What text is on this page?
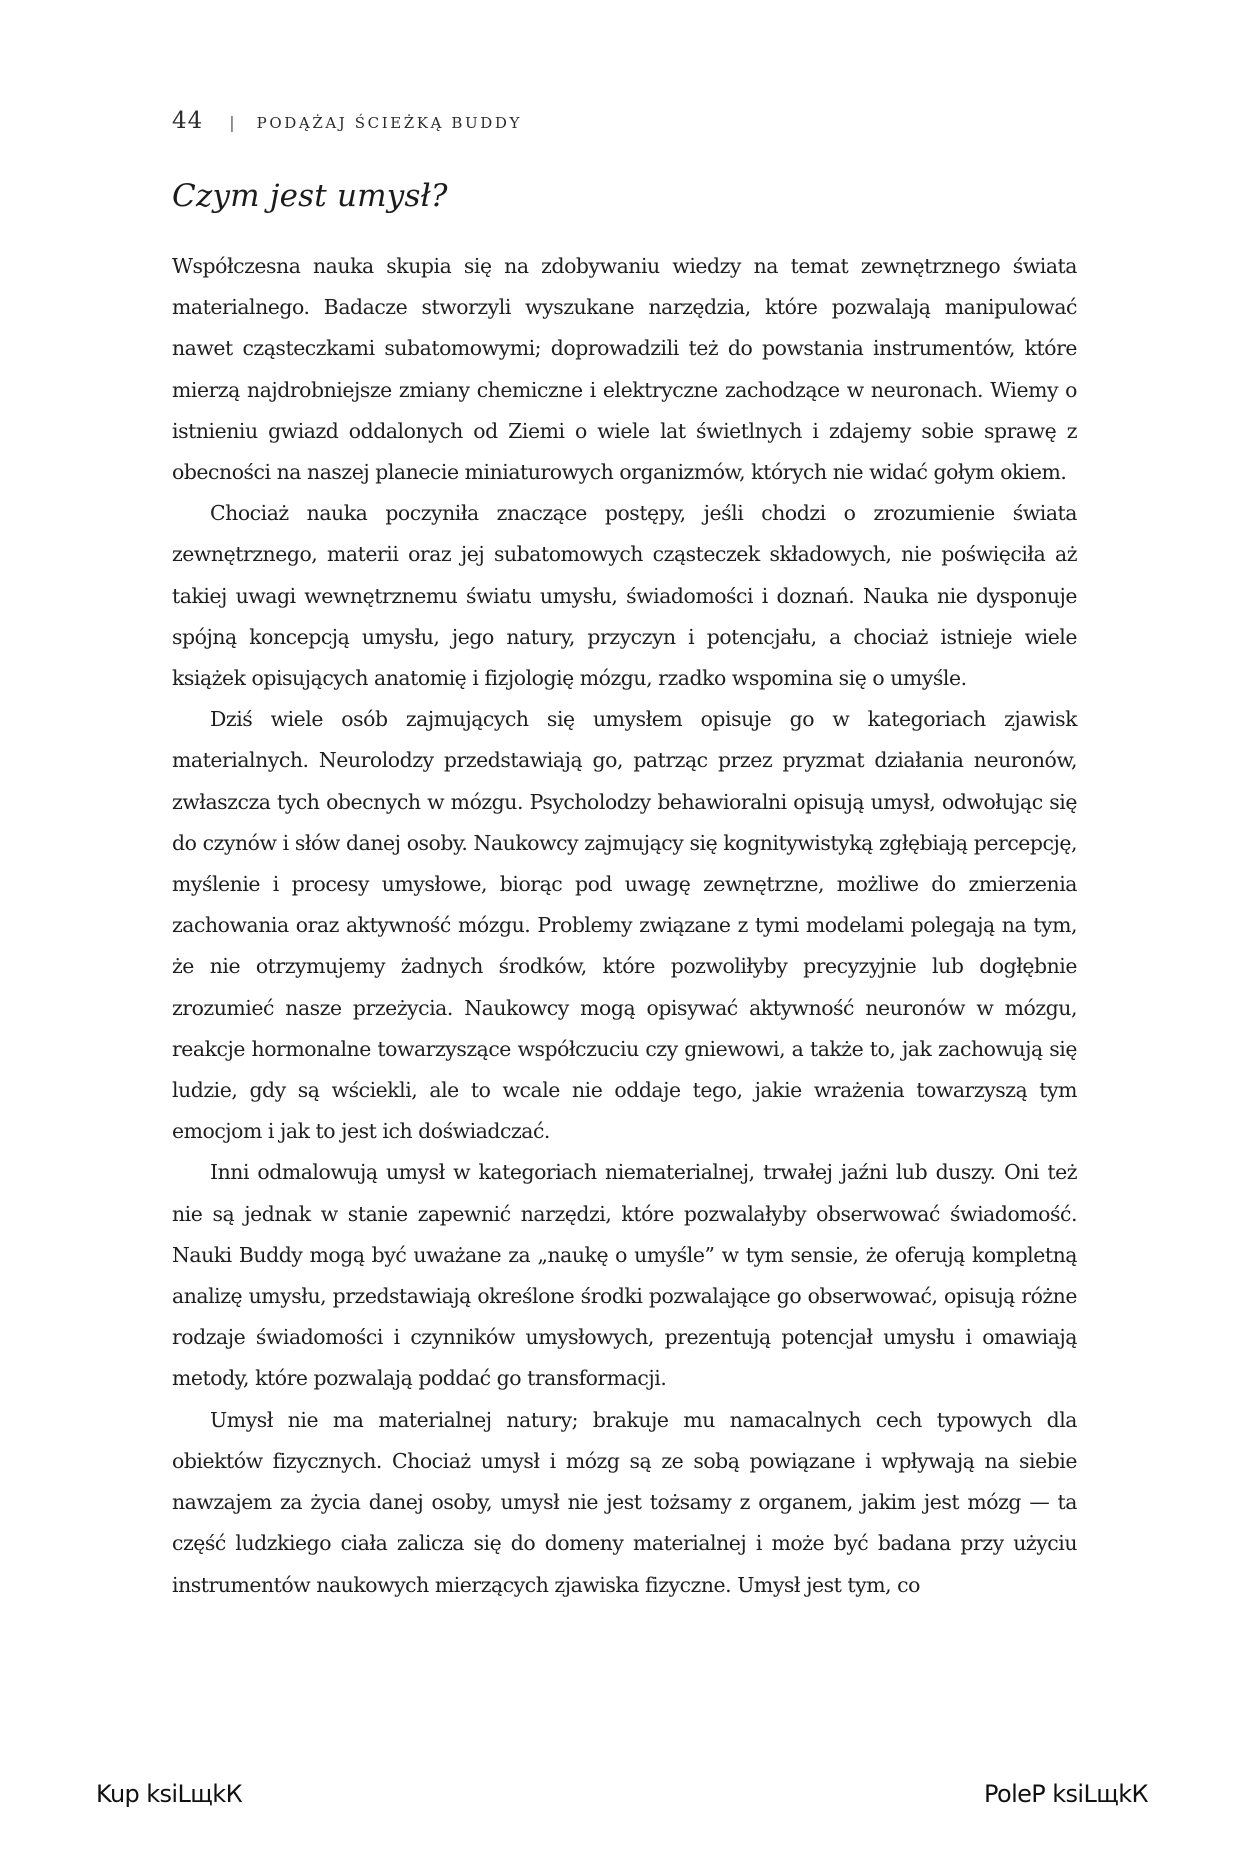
44 | PODĄŻAJ ŚCIEŻKĄ BUDDY
Czym jest umysł?

Współczesna nauka skupia się na zdobywaniu wiedzy na temat zewnętrznego świata materialnego. Badacze stworzyli wyszukane narzędzia, które pozwalają manipulować nawet cząsteczkami subatomowymi; doprowadzili też do powstania instrumentów, które mierzą najdrobniejsze zmiany chemiczne i elektryczne zachodzące w neuronach. Wiemy o istnieniu gwiazd oddalonych od Ziemi o wiele lat świetlnych i zdajemy sobie sprawę z obecności na naszej planecie miniaturowych organizmów, których nie widać gołym okiem.

Chociaż nauka poczyniła znaczące postępy, jeśli chodzi o zrozumienie świata zewnętrznego, materii oraz jej subatomowych cząsteczek składowych, nie poświęciła aż takiej uwagi wewnętrznemu światu umysłu, świadomości i doznań. Nauka nie dysponuje spójną koncepcją umysłu, jego natury, przyczyn i potencjału, a chociaż istnieje wiele książek opisujących anatomię i fizjologię mózgu, rzadko wspomina się o umyśle.

Dziś wiele osób zajmujących się umysłem opisuje go w kategoriach zjawisk materialnych. Neurolodzy przedstawiają go, patrząc przez pryzmat działania neuronów, zwłaszcza tych obecnych w mózgu. Psycholodzy behawioralni opisują umysł, odwołując się do czynów i słów danej osoby. Naukowcy zajmujący się kognitywistyką zgłębiają percepcję, myślenie i procesy umysłowe, biorąc pod uwagę zewnętrzne, możliwe do zmierzenia zachowania oraz aktywność mózgu. Problemy związane z tymi modelami polegają na tym, że nie otrzymujemy żadnych środków, które pozwoliłyby precyzyjnie lub dogłębnie zrozumieć nasze przeżycia. Naukowcy mogą opisywać aktywność neuronów w mózgu, reakcje hormonalne towarzyszące współczuciu czy gniewowi, a także to, jak zachowują się ludzie, gdy są wściekli, ale to wcale nie oddaje tego, jakie wrażenia towarzyszą tym emocjom i jak to jest ich doświadczać.

Inni odmalowują umysł w kategoriach niematerialnej, trwałej jaźni lub duszy. Oni też nie są jednak w stanie zapewnić narzędzi, które pozwalałyby obserwować świadomość. Nauki Buddy mogą być uważane za „naukę o umyśle” w tym sensie, że oferują kompletną analizę umysłu, przedstawiają określone środki pozwalające go obserwować, opisują różne rodzaje świadomości i czynników umysłowych, prezentują potencjał umysłu i omawiają metody, które pozwalają poddać go transformacji.

Umysł nie ma materialnej natury; brakuje mu namacalnych cech typowych dla obiektów fizycznych. Chociaż umysł i mózg są ze sobą powiązane i wpływają na siebie nawzajem za życia danej osoby, umysł nie jest tożsamy z organem, jakim jest mózg — ta część ludzkiego ciała zalicza się do domeny materialnej i może być badana przy użyciu instrumentów naukowych mierzących zjawiska fizyczne. Umysł jest tym, co

Kup ksiLщkК	PoleР ksiLщkК
